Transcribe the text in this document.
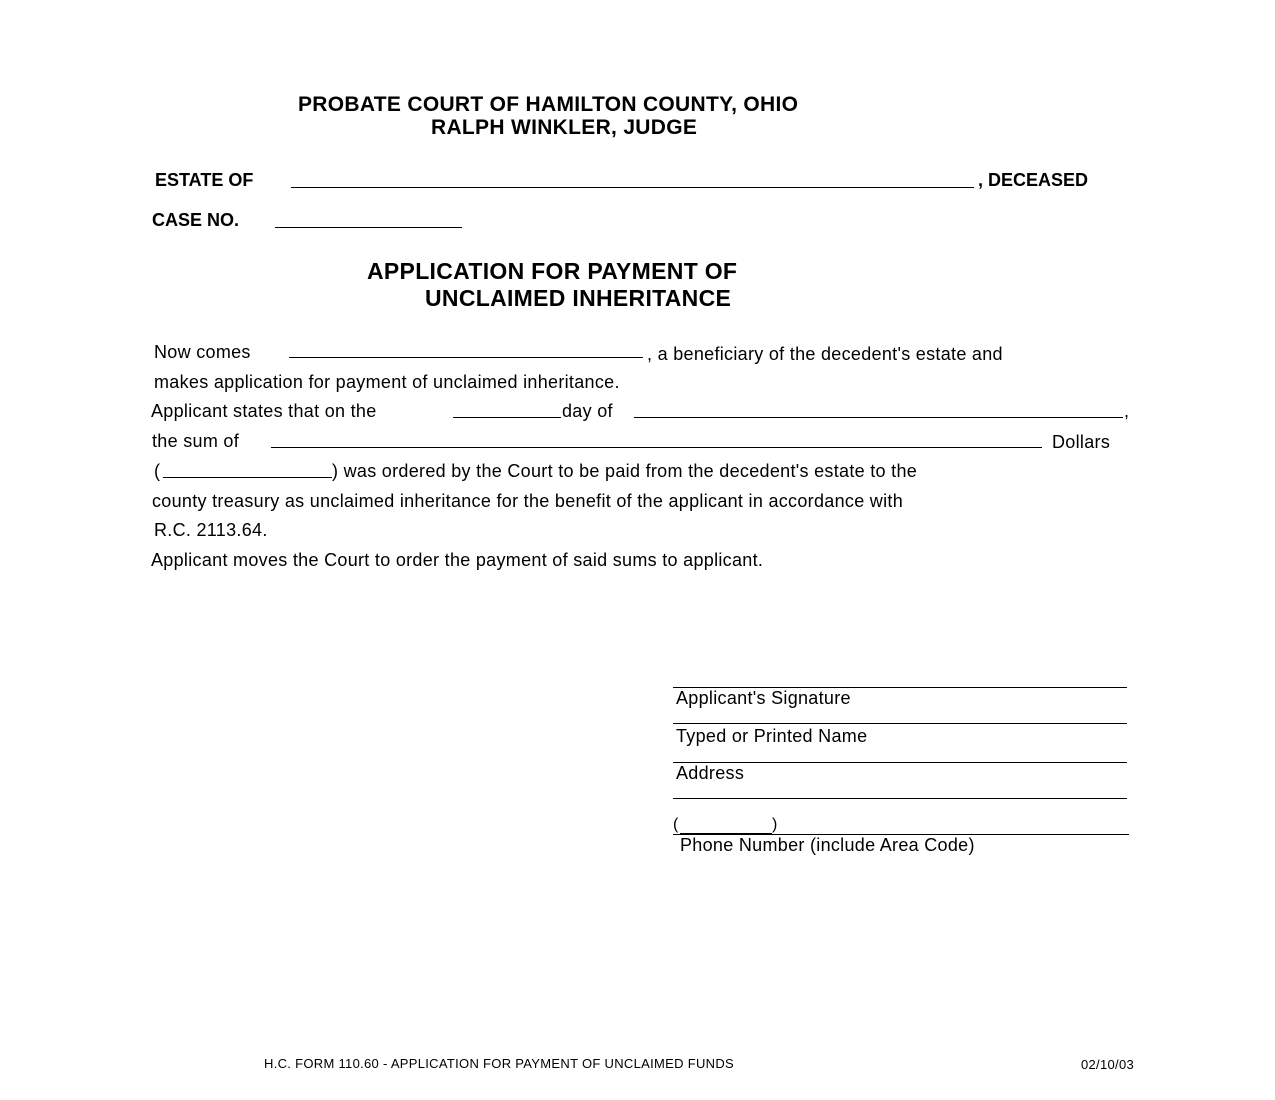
PROBATE COURT OF HAMILTON COUNTY, OHIO
RALPH WINKLER, JUDGE
ESTATE OF	, DECEASED
CASE NO.
APPLICATION FOR PAYMENT OF
UNCLAIMED INHERITANCE
Now comes	, a beneficiary of the decedent's estate and
makes application for payment of unclaimed inheritance.
Applicant states that on the	day of	,
the sum of	Dollars
(	) was ordered by the Court to be paid from the decedent's estate to the
county treasury as unclaimed inheritance for the benefit of the applicant in accordance with
R.C. 2113.64.
Applicant moves the Court to order the payment of said sums to applicant.
Applicant's Signature
Typed or Printed Name
Address
(	)
Phone Number (include Area Code)
H.C. FORM 110.60 - APPLICATION FOR PAYMENT OF UNCLAIMED FUNDS	02/10/03
